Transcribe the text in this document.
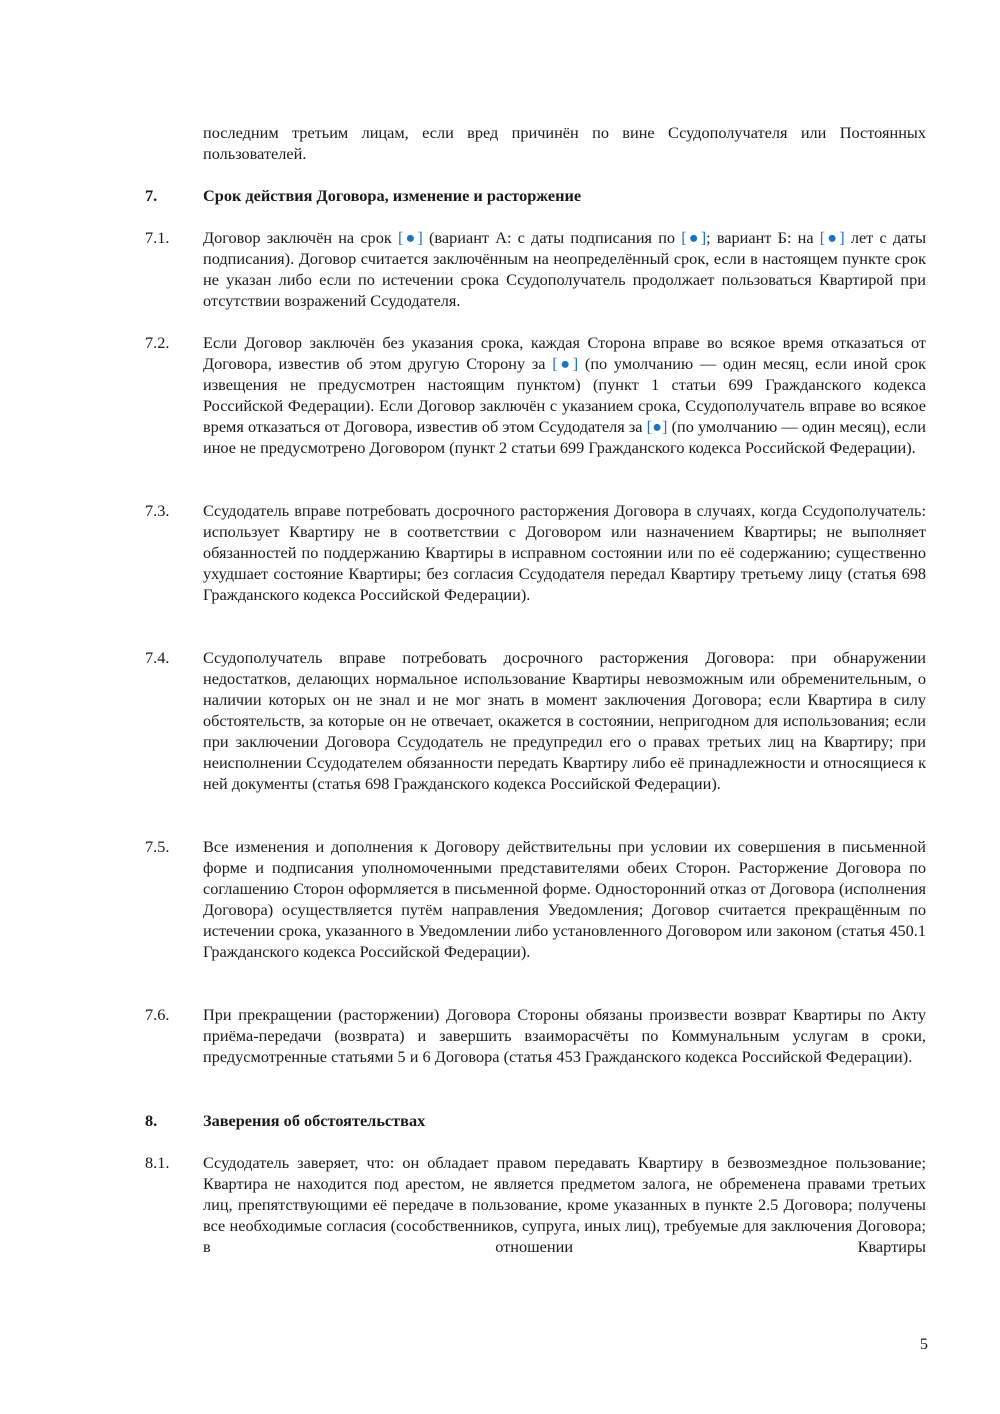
последним третьим лицам, если вред причинён по вине Ссудополучателя или Постоянных пользователей.
7.	Срок действия Договора, изменение и расторжение
7.1.	Договор заключён на срок [●] (вариант А: с даты подписания по [●]; вариант Б: на [●] лет с даты подписания). Договор считается заключённым на неопределённый срок, если в настоящем пункте срок не указан либо если по истечении срока Ссудополучатель продолжает пользоваться Квартирой при отсутствии возражений Ссудодателя.
7.2.	Если Договор заключён без указания срока, каждая Сторона вправе во всякое время отказаться от Договора, известив об этом другую Сторону за [●] (по умолчанию — один месяц, если иной срок извещения не предусмотрен настоящим пунктом) (пункт 1 статьи 699 Гражданского кодекса Российской Федерации). Если Договор заключён с указанием срока, Ссудополучатель вправе во всякое время отказаться от Договора, известив об этом Ссудодателя за [●] (по умолчанию — один месяц), если иное не предусмотрено Договором (пункт 2 статьи 699 Гражданского кодекса Российской Федерации).
7.3.	Ссудодатель вправе потребовать досрочного расторжения Договора в случаях, когда Ссудополучатель: использует Квартиру не в соответствии с Договором или назначением Квартиры; не выполняет обязанностей по поддержанию Квартиры в исправном состоянии или по её содержанию; существенно ухудшает состояние Квартиры; без согласия Ссудодателя передал Квартиру третьему лицу (статья 698 Гражданского кодекса Российской Федерации).
7.4.	Ссудополучатель вправе потребовать досрочного расторжения Договора: при обнаружении недостатков, делающих нормальное использование Квартиры невозможным или обременительным, о наличии которых он не знал и не мог знать в момент заключения Договора; если Квартира в силу обстоятельств, за которые он не отвечает, окажется в состоянии, непригодном для использования; если при заключении Договора Ссудодатель не предупредил его о правах третьих лиц на Квартиру; при неисполнении Ссудодателем обязанности передать Квартиру либо её принадлежности и относящиеся к ней документы (статья 698 Гражданского кодекса Российской Федерации).
7.5.	Все изменения и дополнения к Договору действительны при условии их совершения в письменной форме и подписания уполномоченными представителями обеих Сторон. Расторжение Договора по соглашению Сторон оформляется в письменной форме. Односторонний отказ от Договора (исполнения Договора) осуществляется путём направления Уведомления; Договор считается прекращённым по истечении срока, указанного в Уведомлении либо установленного Договором или законом (статья 450.1 Гражданского кодекса Российской Федерации).
7.6.	При прекращении (расторжении) Договора Стороны обязаны произвести возврат Квартиры по Акту приёма-передачи (возврата) и завершить взаиморасчёты по Коммунальным услугам в сроки, предусмотренные статьями 5 и 6 Договора (статья 453 Гражданского кодекса Российской Федерации).
8.	Заверения об обстоятельствах
8.1.	Ссудодатель заверяет, что: он обладает правом передавать Квартиру в безвозмездное пользование; Квартира не находится под арестом, не является предметом залога, не обременена правами третьих лиц, препятствующими её передаче в пользование, кроме указанных в пункте 2.5 Договора; получены все необходимые согласия (сособственников, супруга, иных лиц), требуемые для заключения Договора; в отношении Квартиры
5
